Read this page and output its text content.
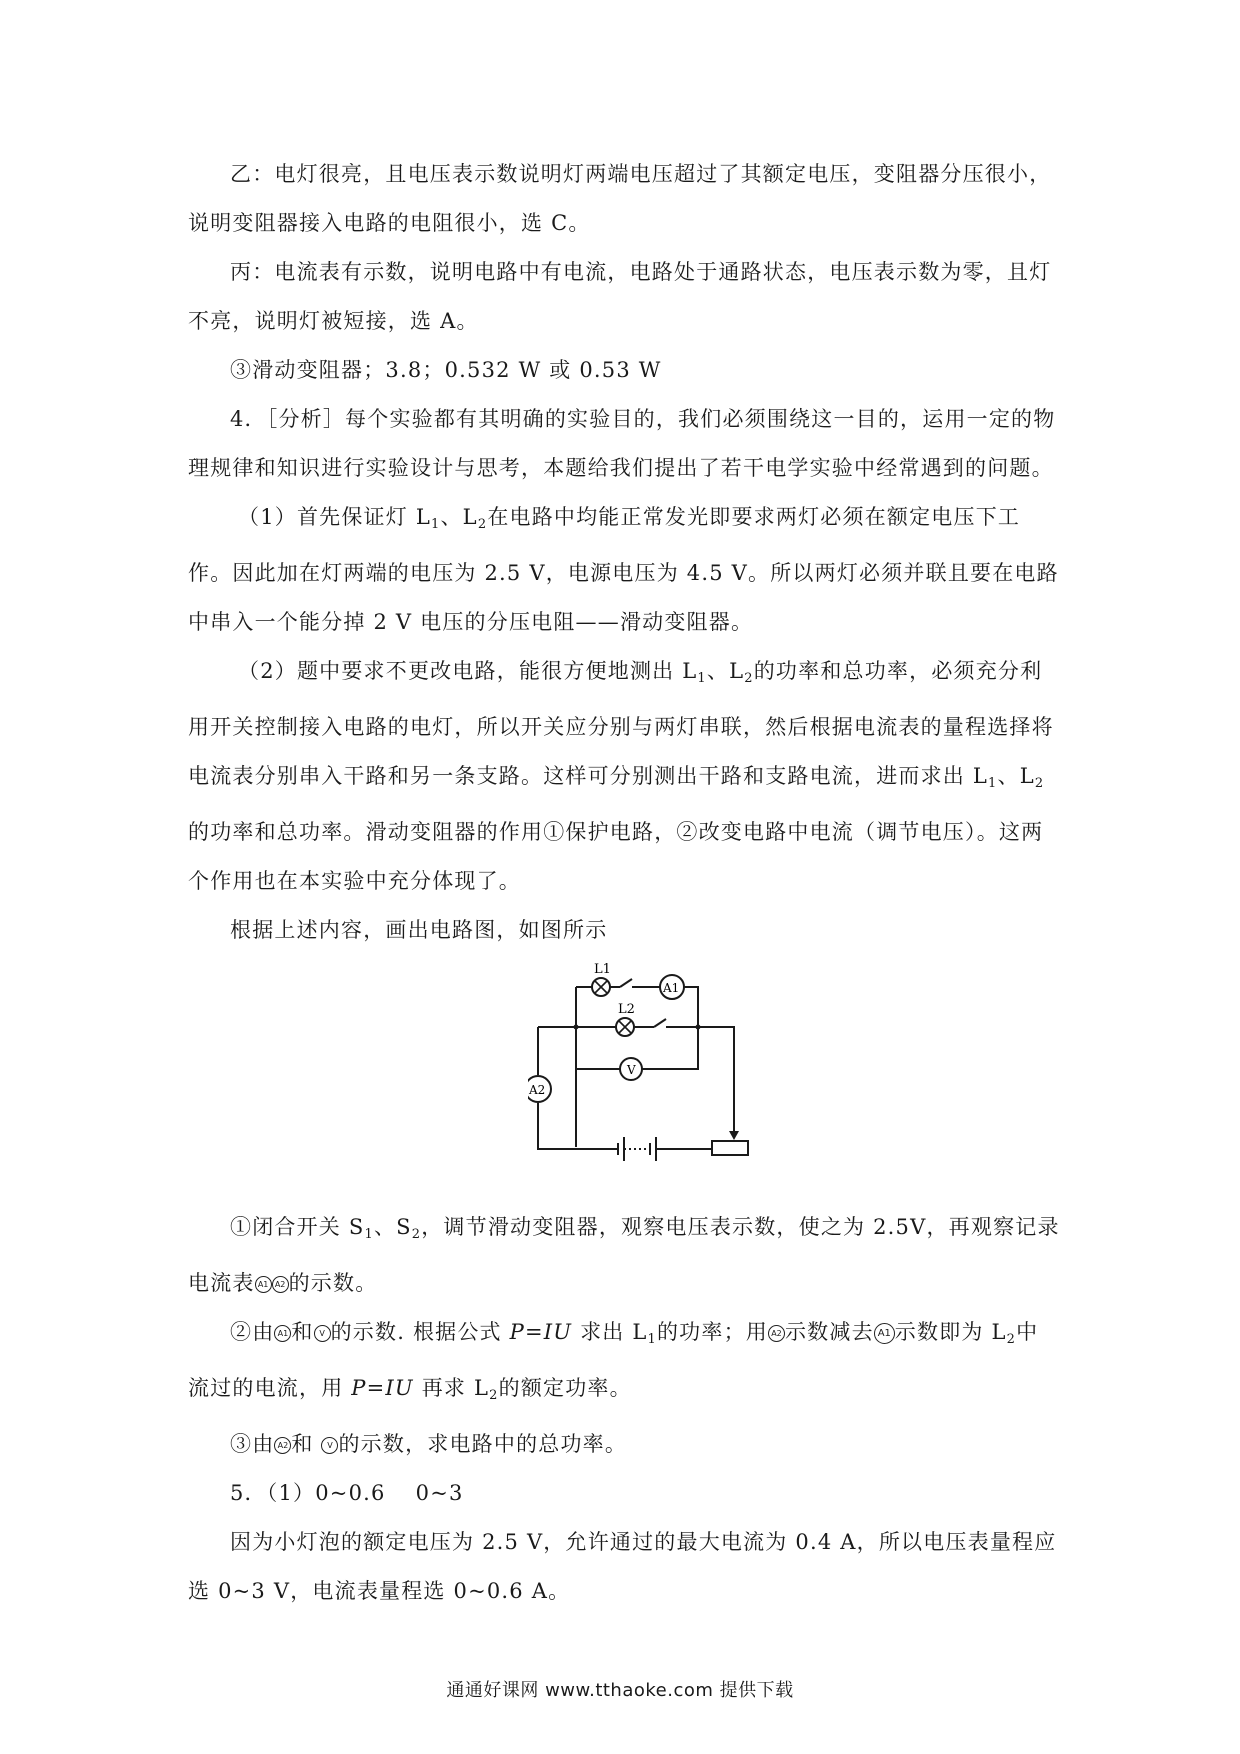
乙：电灯很亮，且电压表示数说明灯两端电压超过了其额定电压，变阻器分压很小，说明变阻器接入电路的电阻很小，选 C。

丙：电流表有示数，说明电路中有电流，电路处于通路状态，电压表示数为零，且灯不亮，说明灯被短接，选 A。

③滑动变阻器；3.8；0.532 W 或 0.53 W

4．［分析］每个实验都有其明确的实验目的，我们必须围绕这一目的，运用一定的物理规律和知识进行实验设计与思考，本题给我们提出了若干电学实验中经常遇到的问题。

（1）首先保证灯 $L_1$、$L_2$在电路中均能正常发光即要求两灯必须在额定电压下工作。因此加在灯两端的电压为 2.5 V，电源电压为 4.5 V。所以两灯必须并联且要在电路中串入一个能分掉 2 V 电压的分压电阻——滑动变阻器。

（2）题中要求不更改电路，能很方便地测出 $L_1$、$L_2$的功率和总功率，必须充分利用开关控制接入电路的电灯，所以开关应分别与两灯串联，然后根据电流表的量程选择将电流表分别串入干路和另一条支路。这样可分别测出干路和支路电流，进而求出 $L_1$、$L_2$的功率和总功率。滑动变阻器的作用①保护电路，②改变电路中电流（调节电压）。这两个作用也在本实验中充分体现了。

根据上述内容，画出电路图，如图所示

L1
A1
L2
V
A2

①闭合开关 $S_1$、$S_2$，调节滑动变阻器，观察电压表示数，使之为 2.5V，再观察记录电流表 A1 A2 的示数。

②由 A1 和 V 的示数. 根据公式 P=IU 求出 $L_1$的功率；用 A2 示数减去 A1 示数即为 $L_2$中流过的电流，用 P=IU 再求 $L_2$的额定功率。

③由 A2 和 V 的示数，求电路中的总功率。

5．（1）0~0.6　 0~3

因为小灯泡的额定电压为 2.5 V，允许通过的最大电流为 0.4 A，所以电压表量程应选 0~3 V，电流表量程选 0~0.6 A。

通通好课网 www.tthaoke.com 提供下载
